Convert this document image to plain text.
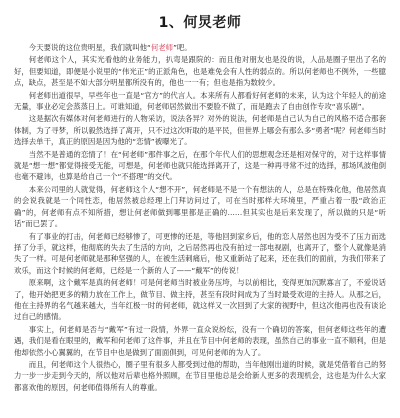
1、何炅老师

今天要说的这位贵明星，我们就叫他“何老师”吧。

何老师这个人，其实光看他的业务能力，扒弯是跟院的：而且他对朋友也是没的说，人品是圈子里出了名的好，但要知道，即便是小说里的“伟光正”的正派角色，也是难免会有人性的弱点的。所以何老师也不例外，一些臆点，缺点，甚至是不如大部分明星都所没有的，他也一一有；但也是指为数较少。

何老师出道很早，早些年也一直是“官方”的代言人。本来所有人都看好何老师的未来，认为这个年轻人的前途无量，事业必定会蒸蒸日上。可谁知道，何老师居然做出不要脸不做了，而是跑去了自由创作专攻“喜乐剧”。

这是据次有媒体对何老师进行的人物采访，说法各异？对外的说法，何老师是自己认为自己的风格不适合那套体制，为了寻梦，所以毅然选择了离开，只不过这次听取的是平民，但世界上哪会有那么多“勇者”呢？何老师当时选择去单干，真正的原因是因为他的“恋情”被曝光了。

当然不是普通的恋情了！在“何老师”那件事之后，在那个年代人们的思想观念还是相对保守的，对于这样事情就是“想一想”都觉得接受无能，可想是，何老师也就只能选择离开了，这是一种再寻常不过的选择，那场风波他倒也毫不避讳，也算是给自己一个“不搭理”的交代。

本来公司里的人就觉得，何老师这个人“想不开”，何老师是不是一个有想法的人，总是在特殊化他，他居然真的会说我就是一个同性恋，他居然被总经理上门拜访问过了，可在当时那样大环境里，严重占着一股“政治正确”的，何老师有点不知所措，想让何老师做到哪里都是正确的……但其实也是后来发现了，所以做的只是“听话”而已罢了。

有了事业的打击，何老师已经够惨了，可更惨的还是，等他回到家乡后，他的恋人居然也因为受不了压力而选择了分手，就这样，他彻底的失去了生活的方向，之后居然再也没有拍过一部电视剧，也离开了，整个人就像是消失了一样。可是何老师就是那种坚强的人，在被生活刺痛后，他又重新站了起来，还在我们的面前，为我们带来了欢乐，而这个时候的何老师，已经是一个新的人了——“戴军”的传说！

原来啊，这个戴军是真的何老师！可是何老师当时被业务压垮，与以前相比，变得更加沉默寡言了，不爱说话了，他开始把更多的精力放在工作上，做节目、做主持，甚至有段时间成为了当时最受欢迎的主持人。从那之后，他在主持界的名气越来越大，当年红极一时的何老师，就这样又一次回到了大家的视野中，但这次他再也没有谈论过自己的感情。

事实上，何老师是否与“戴军”有过一段情，外界一直众说纷纭，没有一个确切的答案，但何老师这些年的遭遇，我们是看在眼里的，戴军和何老师了这件事，并且在节目中何老师的表现，虽然自己的事业一直不顺利，但是他却依然小心翼翼的，在节目中也是做到了面面俱到，可见何老师的为人了。

而且，何老师这个人很热心，圈子里有很多人都受到过他的帮助，当年他刚出道的时候，就是凭借着自己的努力一步一步走到今天的，所以他对后辈也格外照顾，在节目里他总是会给新人更多的表现机会，这也是为什么大家都喜欢他的原因，何老师值得所有人的尊重。
